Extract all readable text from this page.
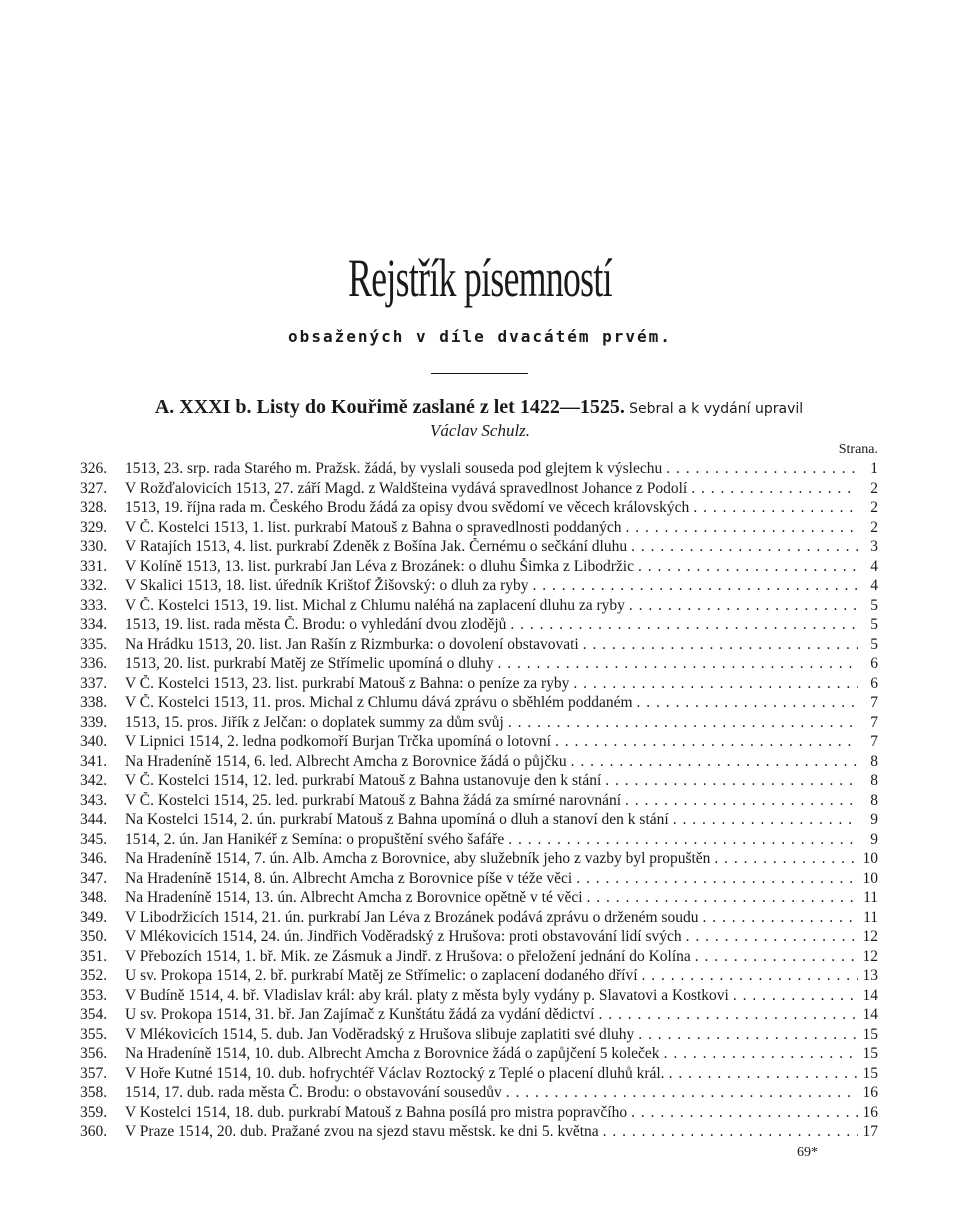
Rejstřík písemností
obsažených v díle dvacátém prvém.
A. XXXI b. Listy do Kouřimě zaslané z let 1422—1525. Sebral a k vydání upravil
Václav Schulz.
Strana.
326.	1513, 23. srp. rada Starého m. Pražsk. žádá, by vyslali souseda pod glejtem k výslechu . . .	1
327.	V Rožďalovicích 1513, 27. září Magd. z Waldšteina vydává spravedlnost Johance z Podolí . . .	2
328.	1513, 19. října rada m. Českého Brodu žádá za opisy dvou svědomí ve věcech královských . . .	2
329.	V Č. Kostelci 1513, 1. list. purkrabí Matouš z Bahna o spravedlnosti poddaných . . .	2
330.	V Ratajích 1513, 4. list. purkrabí Zdeněk z Bošína Jak. Černému o sečkání dluhu . . .	3
331.	V Kolíně 1513, 13. list. purkrabí Jan Léva z Brozánek: o dluhu Šimka z Libodržic . . .	4
332.	V Skalici 1513, 18. list. úředník Krištof Žišovský: o dluh za ryby . . .	4
333.	V Č. Kostelci 1513, 19. list. Michal z Chlumu naléhá na zaplacení dluhu za ryby . . .	5
334.	1513, 19. list. rada města Č. Brodu: o vyhledání dvou zlodějů . . .	5
335.	Na Hrádku 1513, 20. list. Jan Rašín z Rizmburka: o dovolení obstavovati . . .	5
336.	1513, 20. list. purkrabí Matěj ze Střímelic upomíná o dluhy . . .	6
337.	V Č. Kostelci 1513, 23. list. purkrabí Matouš z Bahna: o peníze za ryby . . .	6
338.	V Č. Kostelci 1513, 11. pros. Michal z Chlumu dává zprávu o sběhlém poddaném . . .	7
339.	1513, 15. pros. Jiřík z Jelčan: o doplatek summy za dům svůj . . .	7
340.	V Lipnici 1514, 2. ledna podkomoří Burjan Trčka upomíná o lotovní . . .	7
341.	Na Hradeníně 1514, 6. led. Albrecht Amcha z Borovnice žádá o půjčku . . .	8
342.	V Č. Kostelci 1514, 12. led. purkrabí Matouš z Bahna ustanovuje den k stání . . .	8
343.	V Č. Kostelci 1514, 25. led. purkrabí Matouš z Bahna žádá za smírné narovnání . . .	8
344.	Na Kostelci 1514, 2. ún. purkrabí Matouš z Bahna upomíná o dluh a stanoví den k stání . . .	9
345.	1514, 2. ún. Jan Hanikéř z Semína: o propuštění svého šafáře . . .	9
346.	Na Hradeníně 1514, 7. ún. Alb. Amcha z Borovnice, aby služebník jeho z vazby byl propuštěn . . .	10
347.	Na Hradeníně 1514, 8. ún. Albrecht Amcha z Borovnice píše v téže věci . . .	10
348.	Na Hradeníně 1514, 13. ún. Albrecht Amcha z Borovnice opětně v té věci . . .	11
349.	V Libodržicích 1514, 21. ún. purkrabí Jan Léva z Brozánek podává zprávu o drženém soudu . . .	11
350.	V Mlékovicích 1514, 24. ún. Jindřich Voděradský z Hrušova: proti obstavování lidí svých . . .	12
351.	V Přebozích 1514, 1. bř. Mik. ze Zásmuk a Jindř. z Hrušova: o přeložení jednání do Kolína . . .	12
352.	U sv. Prokopa 1514, 2. bř. purkrabí Matěj ze Střímelic: o zaplacení dodaného dříví . . .	13
353.	V Budíně 1514, 4. bř. Vladislav král: aby král. platy z města byly vydány p. Slavatovi a Kostkovi . . .	14
354.	U sv. Prokopa 1514, 31. bř. Jan Zajímač z Kunštátu žádá za vydání dědictví . . .	14
355.	V Mlékovicích 1514, 5. dub. Jan Voděradský z Hrušova slibuje zaplatiti své dluhy . . .	15
356.	Na Hradeníně 1514, 10. dub. Albrecht Amcha z Borovnice žádá o zapůjčení 5 koleček . . .	15
357.	V Hoře Kutné 1514, 10. dub. hofrychtéř Václav Roztocký z Teplé o placení dluhů král. . . .	15
358.	1514, 17. dub. rada města Č. Brodu: o obstavování sousedův . . .	16
359.	V Kostelci 1514, 18. dub. purkrabí Matouš z Bahna posílá pro mistra popravčího . . .	16
360.	V Praze 1514, 20. dub. Pražané zvou na sjezd stavu městsk. ke dni 5. května . . .	17
69*
